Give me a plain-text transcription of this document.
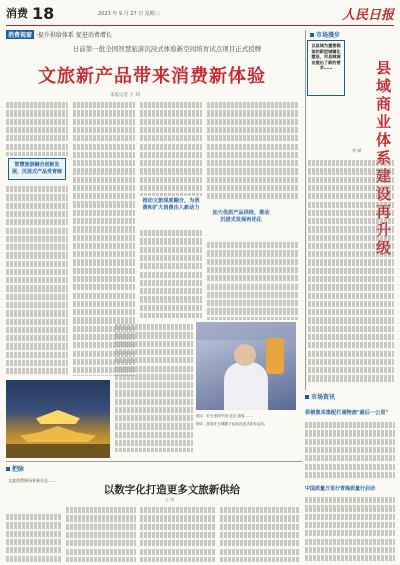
消费 18	2023 年 9 月 27 日 星期三	人民日报
消费视窗 ·提升供给体系 促进消费增长
日前第一批全国智慧旅游沉浸式体验新空间培育试点项目正式授牌
文旅新产品带来消费新体验
本报记者 王 珂
智慧旅游融合创新发展，沉浸式产品受青睐
推动文旅深度融合，为消费和扩大消费注入新动力
加大优质产品供给，推动沉浸式发展再优化
图①：灯火里的中国·北京 游客 ……
图②：游客在长城脚下参加沉浸式体验活动。
市场漫步
以县城为重要载体的新型城镇化建设，对县域商业提出了新的要求……	县域商业体系建设再升级
李 斌
市场资讯
供销集采集配打通物流"最后一公里"
中国质量万里行青海质量行启动
把脉
文旅消费新场景新业态……
以数字化打造更多文旅新供给
王 珂
